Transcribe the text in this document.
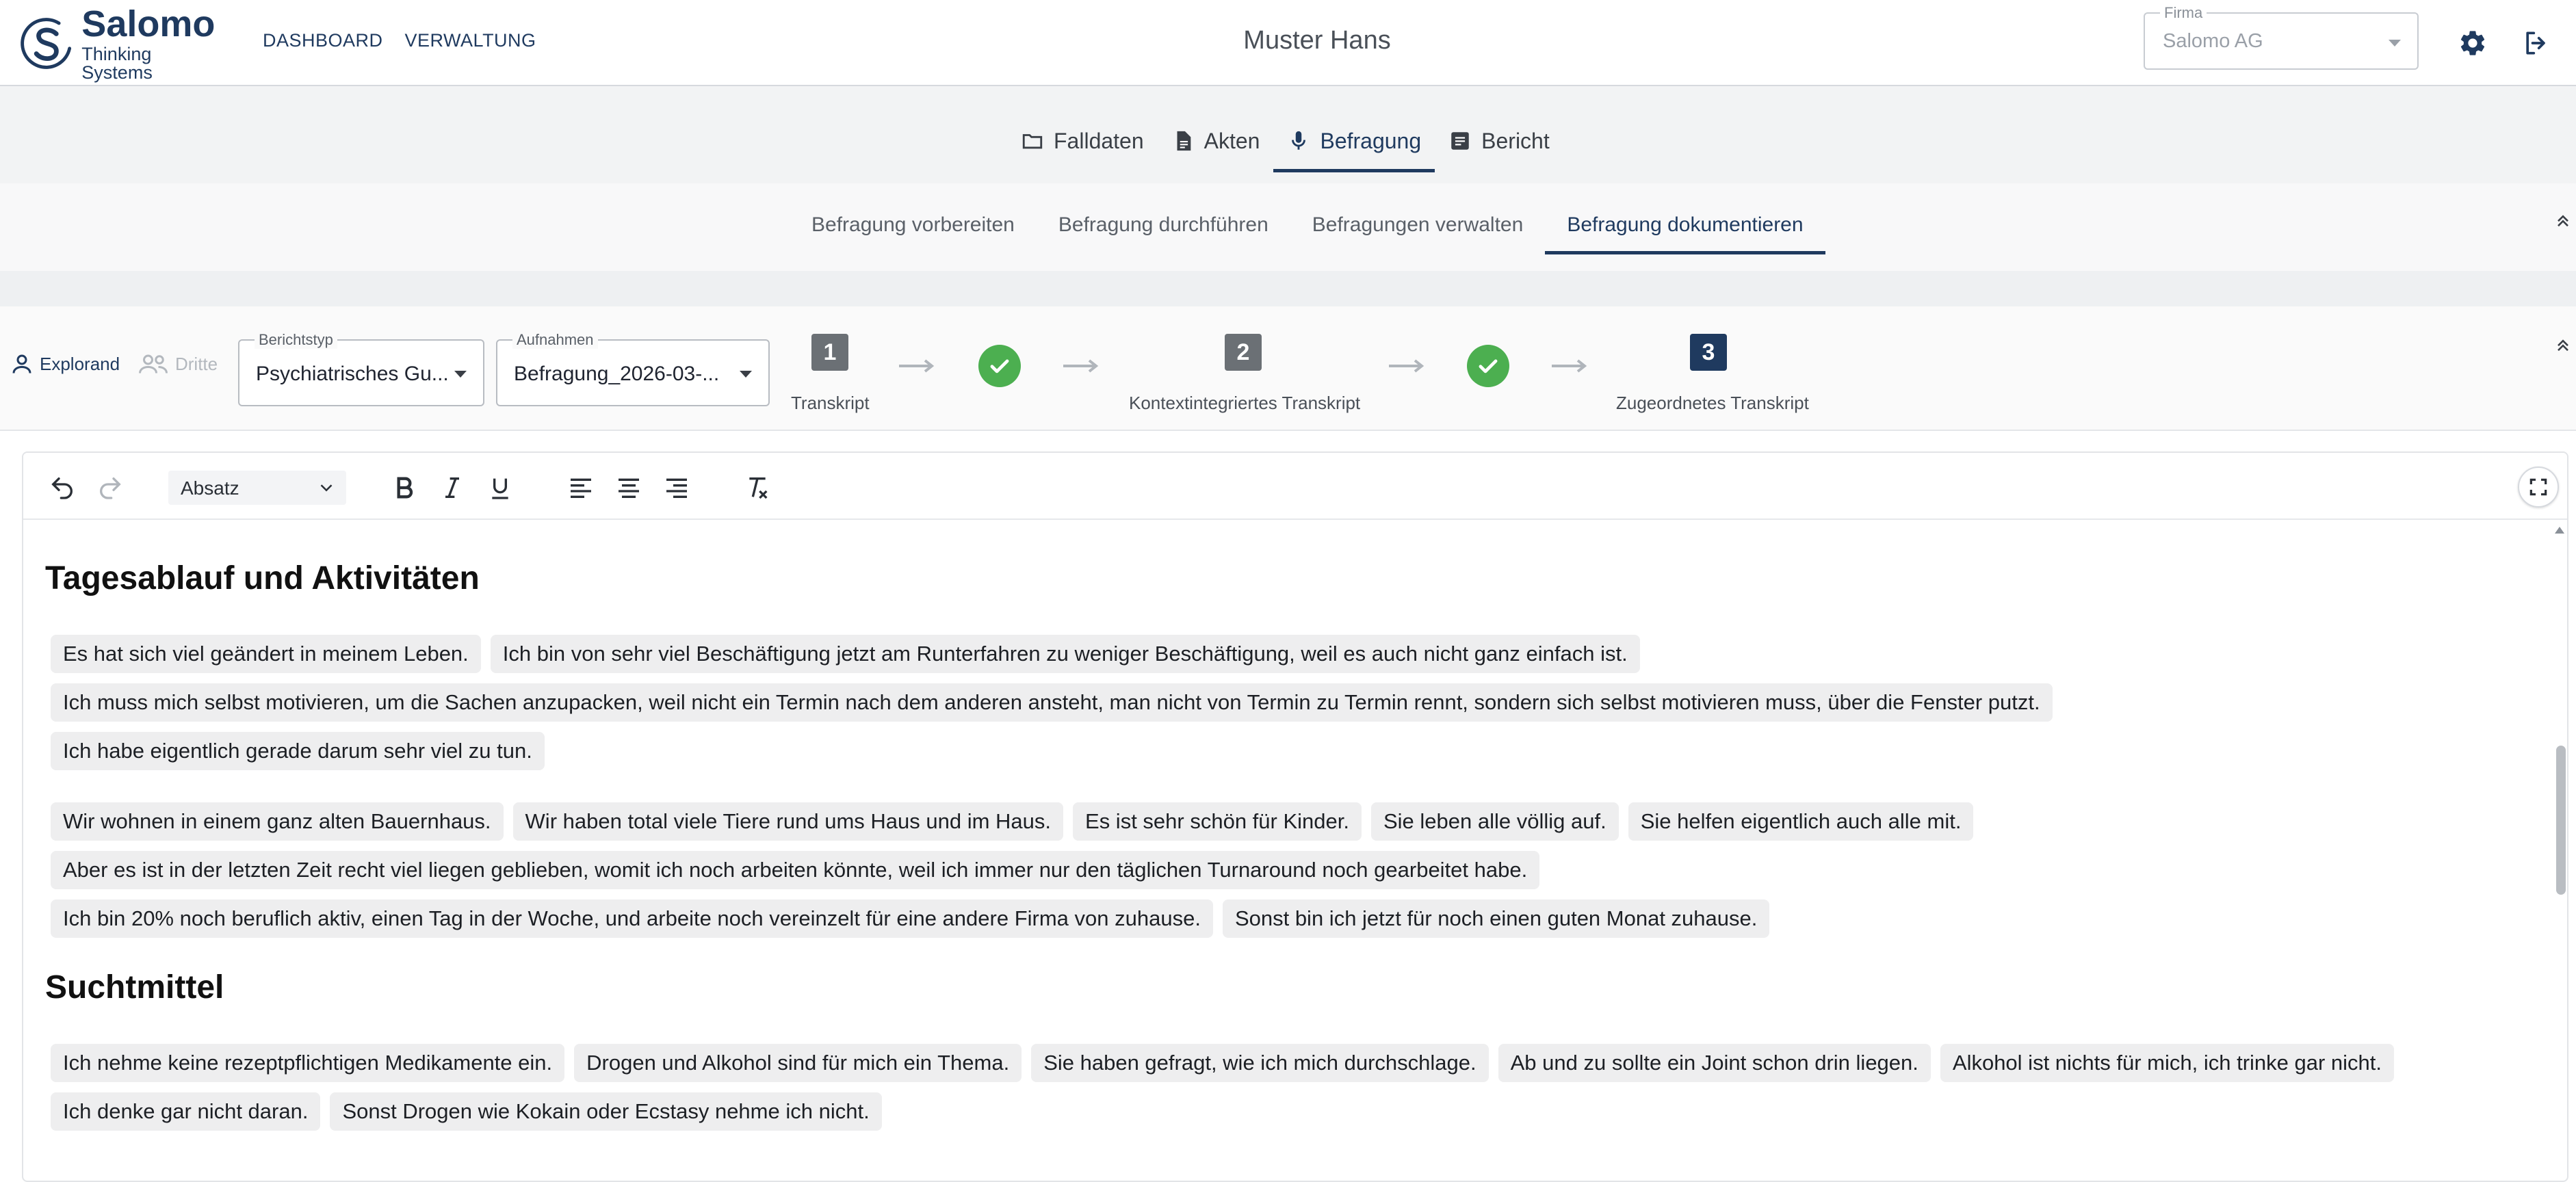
Salomo
Thinking Systems
DASHBOARD VERWALTUNG	Muster Hans
Firma
Salomo AG
Falldaten	Akten	Befragung	Bericht
Befragung vorbereiten	Befragung durchführen	Befragungen verwalten	Befragung dokumentieren
Explorand	Dritte
Berichtstyp
Psychiatrisches Gu...
Aufnahmen
Befragung_2026-03-...
1
Transkript
2
Kontextintegriertes Transkript
3
Zugeordnetes Transkript
Absatz
Tagesablauf und Aktivitäten
Es hat sich viel geändert in meinem Leben.	Ich bin von sehr viel Beschäftigung jetzt am Runterfahren zu weniger Beschäftigung, weil es auch nicht ganz einfach ist.
Ich muss mich selbst motivieren, um die Sachen anzupacken, weil nicht ein Termin nach dem anderen ansteht, man nicht von Termin zu Termin rennt, sondern sich selbst motivieren muss, über die Fenster putzt.
Ich habe eigentlich gerade darum sehr viel zu tun.
Wir wohnen in einem ganz alten Bauernhaus.	Wir haben total viele Tiere rund ums Haus und im Haus.	Es ist sehr schön für Kinder.	Sie leben alle völlig auf.	Sie helfen eigentlich auch alle mit.
Aber es ist in der letzten Zeit recht viel liegen geblieben, womit ich noch arbeiten könnte, weil ich immer nur den täglichen Turnaround noch gearbeitet habe.
Ich bin 20% noch beruflich aktiv, einen Tag in der Woche, und arbeite noch vereinzelt für eine andere Firma von zuhause.	Sonst bin ich jetzt für noch einen guten Monat zuhause.
Suchtmittel
Ich nehme keine rezeptpflichtigen Medikamente ein.	Drogen und Alkohol sind für mich ein Thema.	Sie haben gefragt, wie ich mich durchschlage.	Ab und zu sollte ein Joint schon drin liegen.	Alkohol ist nichts für mich, ich trinke gar nicht.
Ich denke gar nicht daran.	Sonst Drogen wie Kokain oder Ecstasy nehme ich nicht.
